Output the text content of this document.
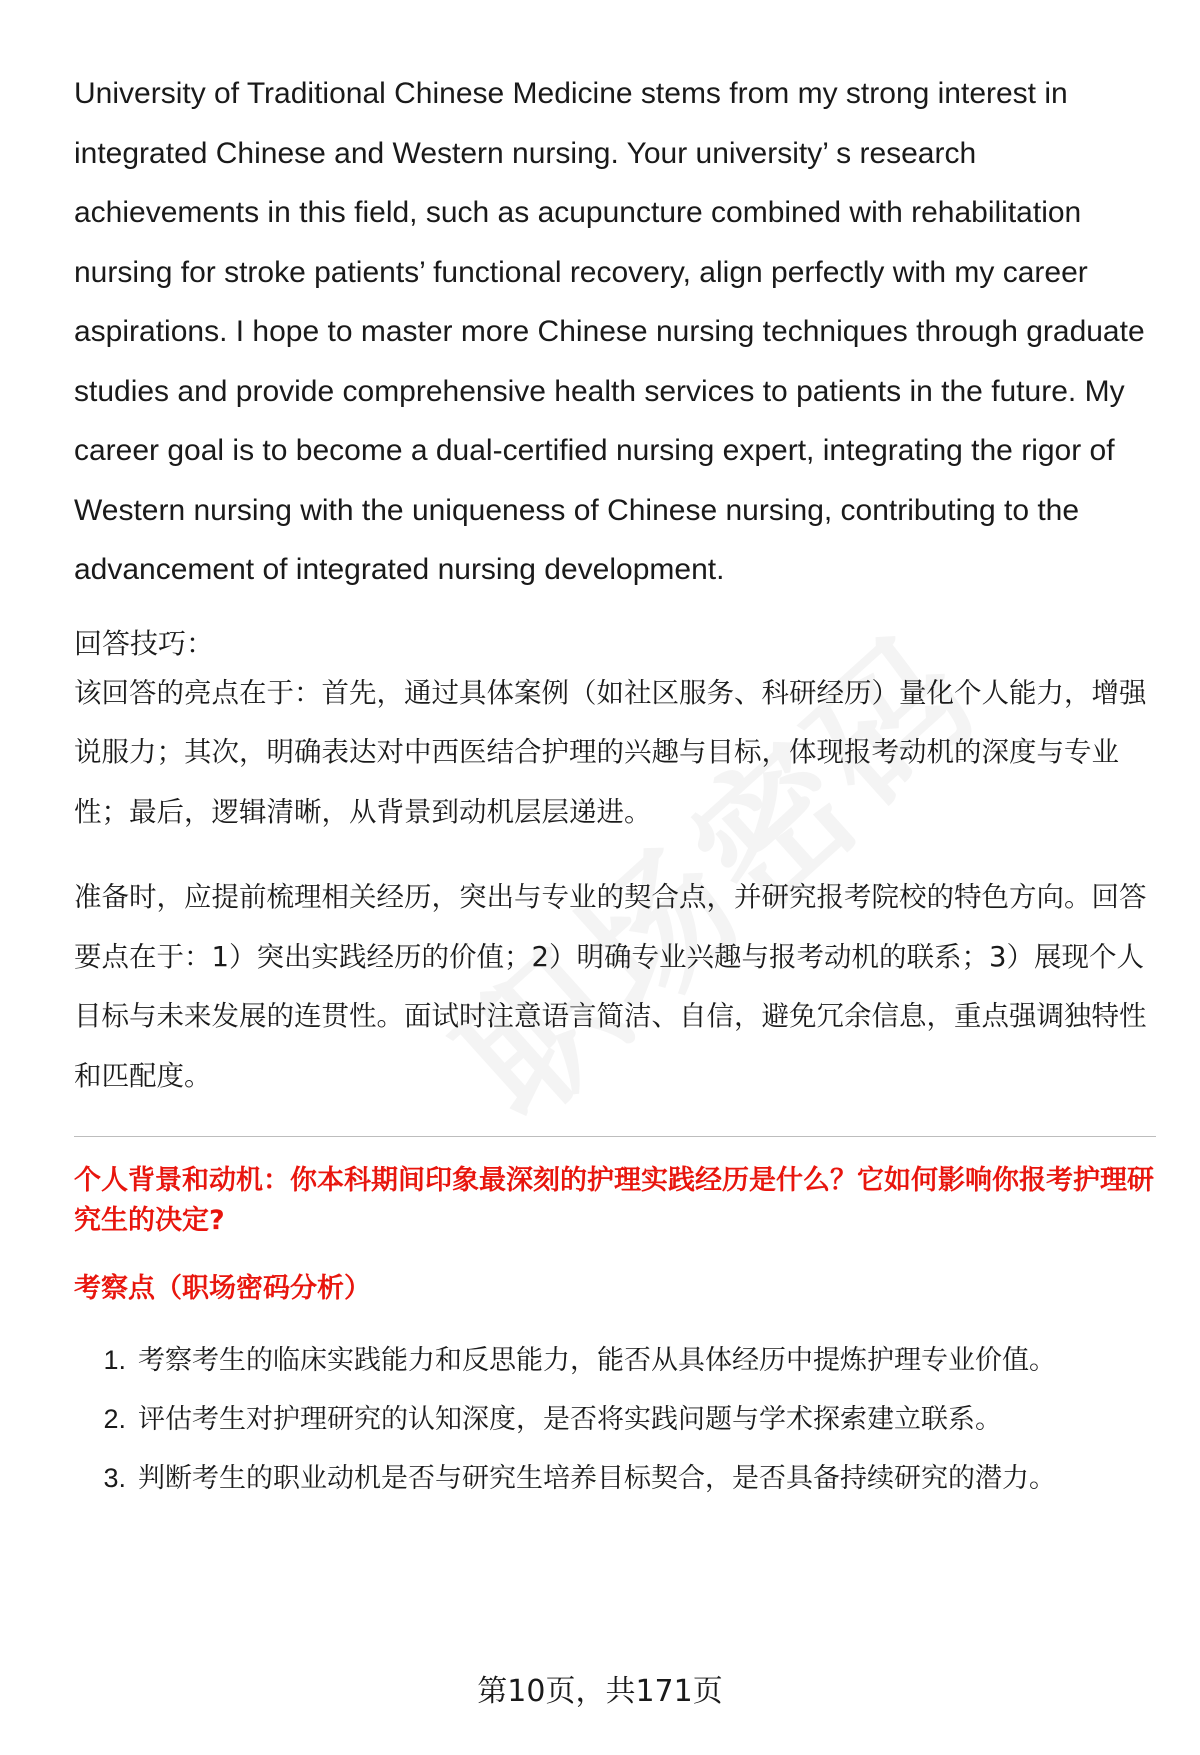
University of Traditional Chinese Medicine stems from my strong interest in integrated Chinese and Western nursing. Your university’ s research achievements in this field, such as acupuncture combined with rehabilitation nursing for stroke patients’ functional recovery, align perfectly with my career aspirations. I hope to master more Chinese nursing techniques through graduate studies and provide comprehensive health services to patients in the future. My career goal is to become a dual-certified nursing expert, integrating the rigor of Western nursing with the uniqueness of Chinese nursing, contributing to the advancement of integrated nursing development.

回答技巧：

该回答的亮点在于：首先，通过具体案例（如社区服务、科研经历）量化个人能力，增强说服力；其次，明确表达对中西医结合护理的兴趣与目标，体现报考动机的深度与专业性；最后，逻辑清晰，从背景到动机层层递进。

准备时，应提前梳理相关经历，突出与专业的契合点，并研究报考院校的特色方向。回答要点在于：1）突出实践经历的价值；2）明确专业兴趣与报考动机的联系；3）展现个人目标与未来发展的连贯性。面试时注意语言简洁、自信，避免冗余信息，重点强调独特性和匹配度。

个人背景和动机：你本科期间印象最深刻的护理实践经历是什么？它如何影响你报考护理研究生的决定?

考察点（职场密码分析）

1. 考察考生的临床实践能力和反思能力，能否从具体经历中提炼护理专业价值。
2. 评估考生对护理研究的认知深度，是否将实践问题与学术探索建立联系。
3. 判断考生的职业动机是否与研究生培养目标契合，是否具备持续研究的潜力。
第10页，共171页
